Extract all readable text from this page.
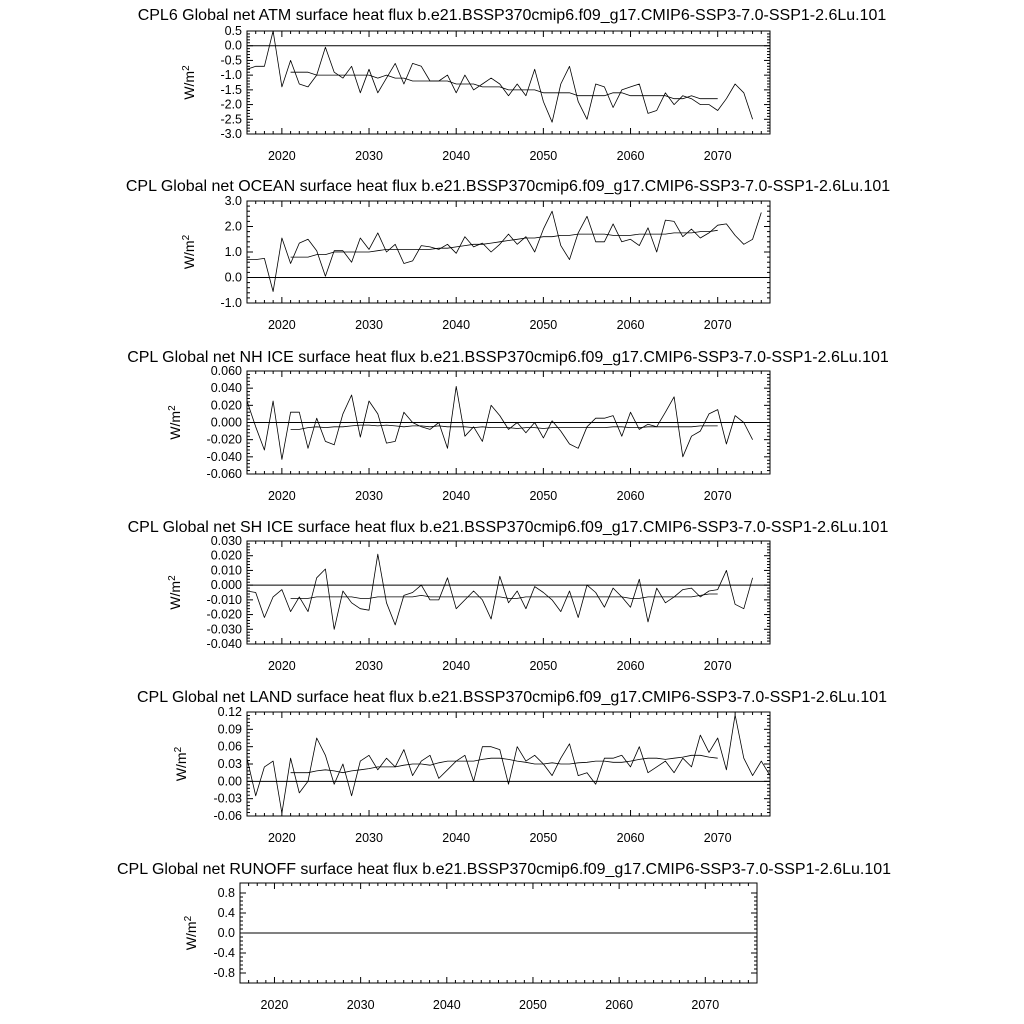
CPL6 Global net ATM surface heat flux b.e21.BSSP370cmip6.f09_g17.CMIP6-SSP3-7.0-SSP1-2.6Lu.101
0.5
0.0
-0.5
-1.0
-1.5
-2.0
-2.5
-3.0
2020	2030	2040	2050	2060	2070
$W/m^2$
CPL Global net OCEAN surface heat flux b.e21.BSSP370cmip6.f09_g17.CMIP6-SSP3-7.0-SSP1-2.6Lu.101
3.0
2.0
1.0
0.0
-1.0
2020	2030	2040	2050	2060	2070
$W/m^2$
CPL Global net NH ICE surface heat flux b.e21.BSSP370cmip6.f09_g17.CMIP6-SSP3-7.0-SSP1-2.6Lu.101
0.060
0.040
0.020
0.000
-0.020
-0.040
-0.060
2020	2030	2040	2050	2060	2070
$W/m^2$
CPL Global net SH ICE surface heat flux b.e21.BSSP370cmip6.f09_g17.CMIP6-SSP3-7.0-SSP1-2.6Lu.101
0.030
0.020
0.010
0.000
-0.010
-0.020
-0.030
-0.040
2020	2030	2040	2050	2060	2070
$W/m^2$
CPL Global net LAND surface heat flux b.e21.BSSP370cmip6.f09_g17.CMIP6-SSP3-7.0-SSP1-2.6Lu.101
0.12
0.09
0.06
0.03
0.00
-0.03
-0.06
2020	2030	2040	2050	2060	2070
$W/m^2$
CPL Global net RUNOFF surface heat flux b.e21.BSSP370cmip6.f09_g17.CMIP6-SSP3-7.0-SSP1-2.6Lu.101
0.8
0.4
0.0
-0.4
-0.8
2020	2030	2040	2050	2060	2070
$W/m^2$
